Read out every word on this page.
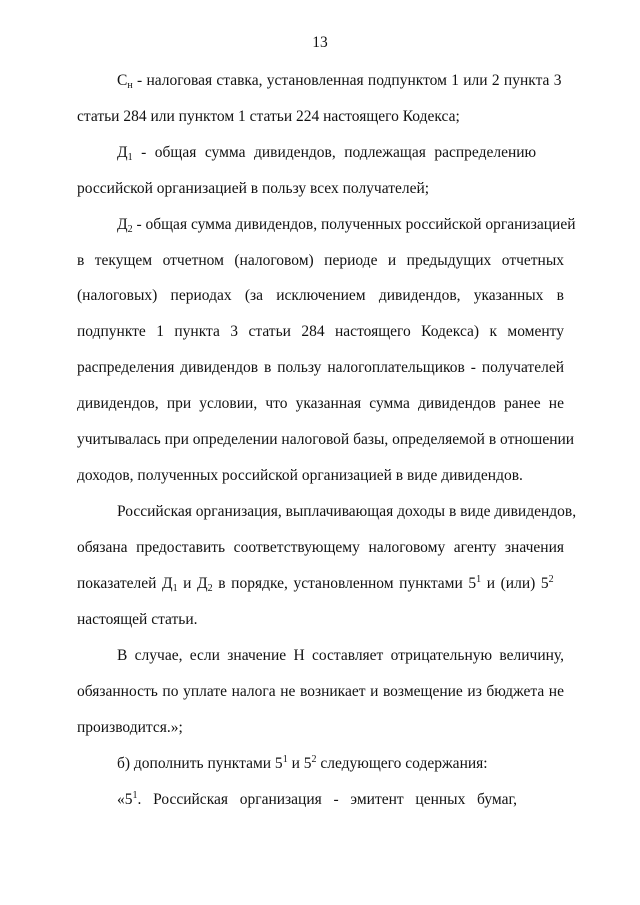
13
$С_н$ - налоговая ставка, установленная подпунктом 1 или 2 пункта 3
статьи 284 или пунктом 1 статьи 224 настоящего Кодекса;
$Д_1$ - общая сумма дивидендов, подлежащая распределению
российской организацией в пользу всех получателей;
$Д_2$ - общая сумма дивидендов, полученных российской организацией
в текущем отчетном (налоговом) периоде и предыдущих отчетных
(налоговых) периодах (за исключением дивидендов, указанных в
подпункте 1 пункта 3 статьи 284 настоящего Кодекса) к моменту
распределения дивидендов в пользу налогоплательщиков - получателей
дивидендов, при условии, что указанная сумма дивидендов ранее не
учитывалась при определении налоговой базы, определяемой в отношении
доходов, полученных российской организацией в виде дивидендов.
Российская организация, выплачивающая доходы в виде дивидендов,
обязана предоставить соответствующему налоговому агенту значения
показателей $Д_1$ и $Д_2$ в порядке, установленном пунктами $5^1$ и (или) $5^2$
настоящей статьи.
В случае, если значение Н составляет отрицательную величину,
обязанность по уплате налога не возникает и возмещение из бюджета не
производится.»;
б) дополнить пунктами $5^1$ и $5^2$ следующего содержания:
«$5^1$. Российская организация - эмитент ценных бумаг,
